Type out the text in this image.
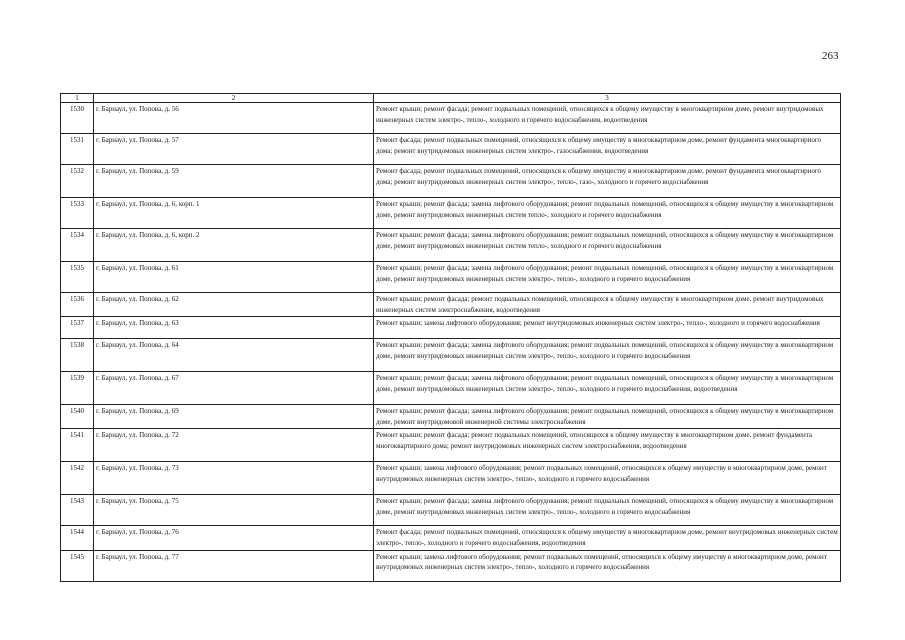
263
1	2	3
1530	г. Барнаул, ул. Попова, д. 56	Ремонт крыши; ремонт фасада; ремонт подвальных помещений, относящихся к общему имуществу в многоквартирном доме, ремонт внутридомовых инженерных систем электро-, тепло-, холодного и горячего водоснабжения, водоотведения
1531	г. Барнаул, ул. Попова, д. 57	Ремонт фасада; ремонт подвальных помещений, относящихся к общему имуществу в многоквартирном доме, ремонт фундамента многоквартирного дома; ремонт внутридомовых инженерных систем электро-, газоснабжения, водоотведения
1532	г. Барнаул, ул. Попова, д. 59	Ремонт фасада; ремонт подвальных помещений, относящихся к общему имуществу в многоквартирном доме, ремонт фундамента многоквартирного дома; ремонт внутридомовых инженерных систем электро-, тепло-, газо-, холодного и горячего водоснабжения
1533	г. Барнаул, ул. Попова, д. 6, корп. 1	Ремонт крыши; ремонт фасада; замена лифтового оборудования; ремонт подвальных помещений, относящихся к общему имуществу в многоквартирном доме, ремонт внутридомовых инженерных систем тепло-, холодного и горячего водоснабжения
1534	г. Барнаул, ул. Попова, д. 6, корп. 2	Ремонт крыши; ремонт фасада; замена лифтового оборудования; ремонт подвальных помещений, относящихся к общему имуществу в многоквартирном доме, ремонт внутридомовых инженерных систем тепло-, холодного и горячего водоснабжения
1535	г. Барнаул, ул. Попова, д. 61	Ремонт крыши; ремонт фасада; замена лифтового оборудования; ремонт подвальных помещений, относящихся к общему имуществу в многоквартирном доме, ремонт внутридомовых инженерных систем электро-, тепло-, холодного и горячего водоснабжения
1536	г. Барнаул, ул. Попова, д. 62	Ремонт крыши; ремонт фасада; ремонт подвальных помещений, относящихся к общему имуществу в многоквартирном доме, ремонт внутридомовых инженерных систем электроснабжения, водоотведения
1537	г. Барнаул, ул. Попова, д. 63	Ремонт крыши; замена лифтового оборудования; ремонт внутридомовых инженерных систем электро-, тепло-, холодного и горячего водоснабжения
1538	г. Барнаул, ул. Попова, д. 64	Ремонт крыши; ремонт фасада; замена лифтового оборудования; ремонт подвальных помещений, относящихся к общему имуществу в многоквартирном доме, ремонт внутридомовых инженерных систем электро-, тепло-, холодного и горячего водоснабжения
1539	г. Барнаул, ул. Попова, д. 67	Ремонт крыши; ремонт фасада; замена лифтового оборудования; ремонт подвальных помещений, относящихся к общему имуществу в многоквартирном доме, ремонт внутридомовых инженерных систем электро-, тепло-, холодного и горячего водоснабжения, водоотведения
1540	г. Барнаул, ул. Попова, д. 69	Ремонт крыши; ремонт фасада; замена лифтового оборудования; ремонт подвальных помещений, относящихся к общему имуществу в многоквартирном доме, ремонт внутридомовой инженерной системы электроснабжения
1541	г. Барнаул, ул. Попова, д. 72	Ремонт крыши; ремонт фасада; ремонт подвальных помещений, относящихся к общему имуществу в многоквартирном доме, ремонт фундамента многоквартирного дома; ремонт внутридомовых инженерных систем электроснабжения, водоотведения
1542	г. Барнаул, ул. Попова, д. 73	Ремонт крыши; замена лифтового оборудования; ремонт подвальных помещений, относящихся к общему имуществу в многоквартирном доме, ремонт внутридомовых инженерных систем электро-, тепло-, холодного и горячего водоснабжения
1543	г. Барнаул, ул. Попова, д. 75	Ремонт крыши; ремонт фасада; замена лифтового оборудования; ремонт подвальных помещений, относящихся к общему имуществу в многоквартирном доме, ремонт внутридомовых инженерных систем электро-, тепло-, холодного и горячего водоснабжения
1544	г. Барнаул, ул. Попова, д. 76	Ремонт фасада; ремонт подвальных помещений, относящихся к общему имуществу в многоквартирном доме, ремонт внутридомовых инженерных систем электро-, тепло-, холодного и горячего водоснабжения, водоотведения
1545	г. Барнаул, ул. Попова, д. 77	Ремонт крыши; замена лифтового оборудования; ремонт подвальных помещений, относящихся к общему имуществу в многоквартирном доме, ремонт внутридомовых инженерных систем электро-, тепло-, холодного и горячего водоснабжения
